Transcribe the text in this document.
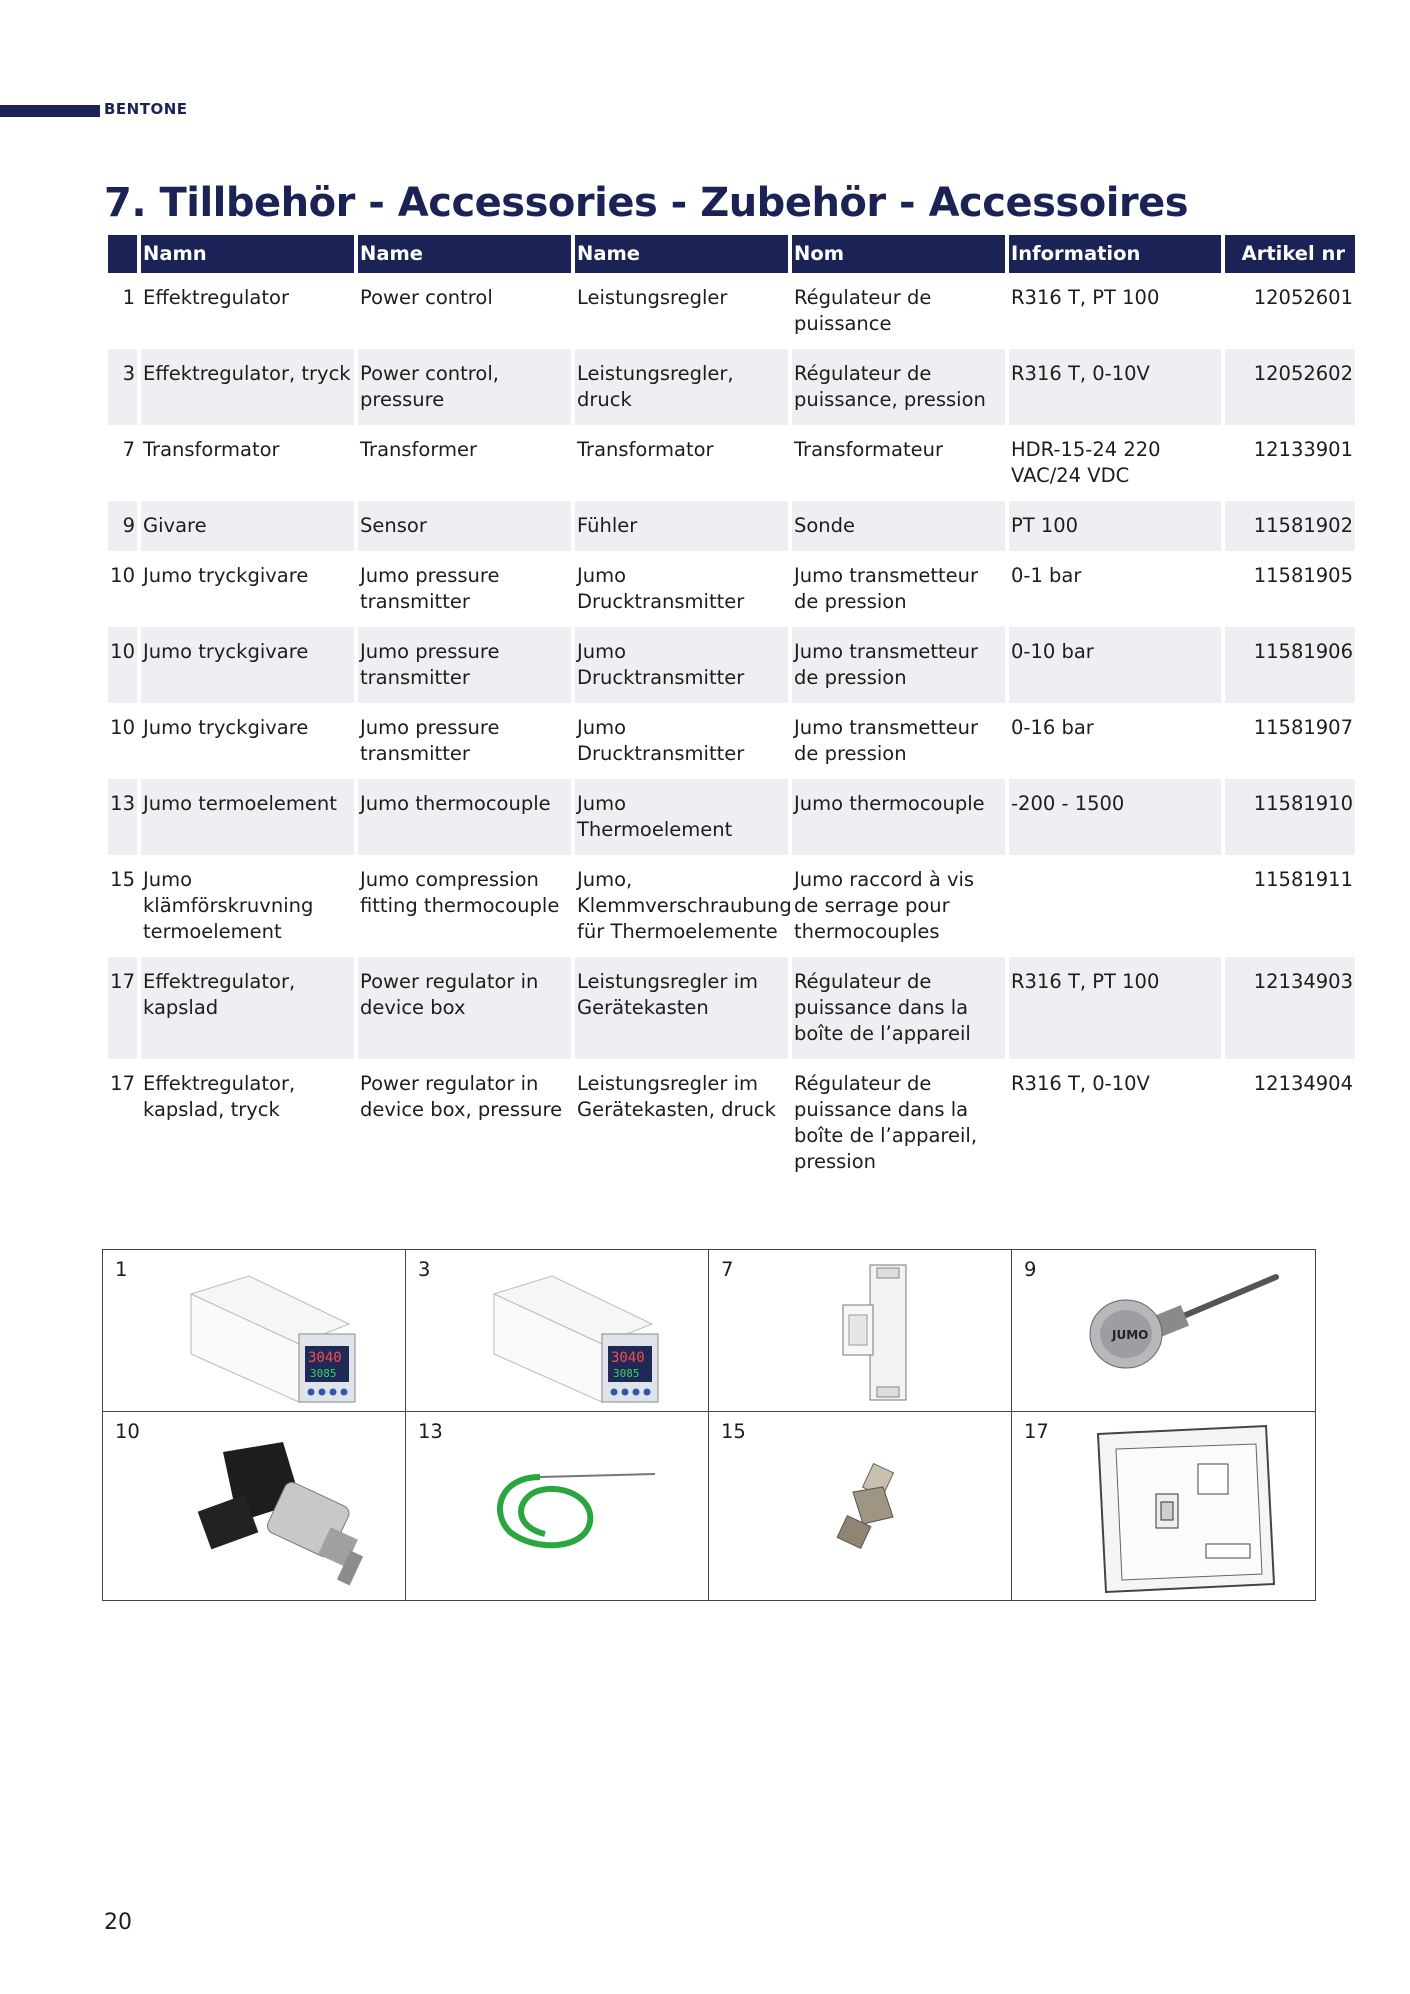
BENTONE
7. Tillbehör - Accessories - Zubehör - Accessoires
	Namn	Name	Name	Nom	Information	Artikel nr
1	Effektregulator	Power control	Leistungsregler	Régulateur de puissance	R316 T, PT 100	12052601
3	Effektregulator, tryck	Power control, pressure	Leistungsregler, druck	Régulateur de puissance, pression	R316 T, 0-10V	12052602
7	Transformator	Transformer	Transformator	Transformateur	HDR-15-24 220 VAC/24 VDC	12133901
9	Givare	Sensor	Fühler	Sonde	PT 100	11581902
10	Jumo tryckgivare	Jumo pressure transmitter	Jumo Drucktransmitter	Jumo transmetteur de pression	0-1 bar	11581905
10	Jumo tryckgivare	Jumo pressure transmitter	Jumo Drucktransmitter	Jumo transmetteur de pression	0-10 bar	11581906
10	Jumo tryckgivare	Jumo pressure transmitter	Jumo Drucktransmitter	Jumo transmetteur de pression	0-16 bar	11581907
13	Jumo termoelement	Jumo thermocouple	Jumo Thermoelement	Jumo thermocouple	-200 - 1500	11581910
15	Jumo klämförskruvning termoelement	Jumo compression fitting thermocouple	Jumo, Klemmverschraubung für Thermoelemente	Jumo raccord à vis de serrage pour thermocouples		11581911
17	Effektregulator, kapslad	Power regulator in device box	Leistungsregler im Gerätekasten	Régulateur de puissance dans la boîte de l’appareil	R316 T, PT 100	12134903
17	Effektregulator, kapslad, tryck	Power regulator in device box, pressure	Leistungsregler im Gerätekasten, druck	Régulateur de puissance dans la boîte de l’appareil, pression	R316 T, 0-10V	12134904
1
3040
3085
3
3040
3085
7	9
JUMO
10	13	15	17
20
